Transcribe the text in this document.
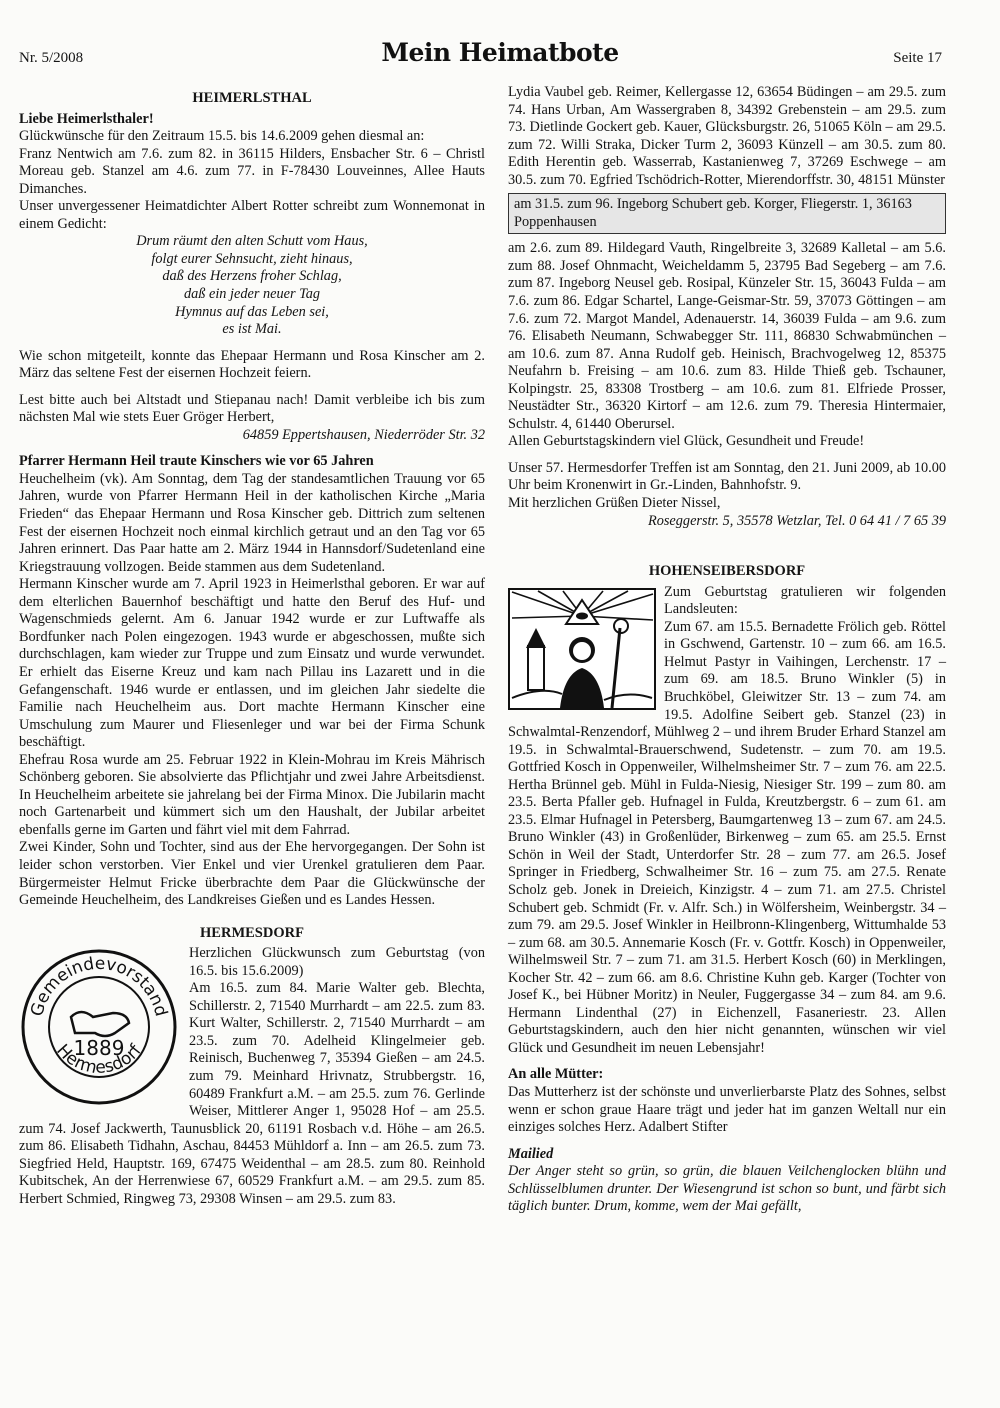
Nr. 5/2008	Mein Heimatbote	Seite 17
HEIMERLSTHAL

Liebe Heimerlsthaler!

Glückwünsche für den Zeitraum 15.5. bis 14.6.2009 gehen diesmal an:

Franz Nentwich am 7.6. zum 82. in 36115 Hilders, Ensbacher Str. 6 – Christl Moreau geb. Stanzel am 4.6. zum 77. in F-78430 Louveinnes, Allee Hauts Dimanches.

Unser unvergessener Heimatdichter Albert Rotter schreibt zum Wonnemonat in einem Gedicht:

Drum räumt den alten Schutt vom Haus,

folgt eurer Sehnsucht, zieht hinaus,

daß des Herzens froher Schlag,

daß ein jeder neuer Tag

Hymnus auf das Leben sei,

es ist Mai.

Wie schon mitgeteilt, konnte das Ehepaar Hermann und Rosa Kinscher am 2. März das seltene Fest der eisernen Hochzeit feiern.

Lest bitte auch bei Altstadt und Stiepanau nach! Damit verbleibe ich bis zum nächsten Mal wie stets Euer Gröger Herbert,

64859 Eppertshausen, Niederröder Str. 32

Pfarrer Hermann Heil traute Kinschers wie vor 65 Jahren

Heuchelheim (vk). Am Sonntag, dem Tag der standesamtlichen Trauung vor 65 Jahren, wurde von Pfarrer Hermann Heil in der katholischen Kirche „Maria Frieden“ das Ehepaar Hermann und Rosa Kinscher geb. Dittrich zum seltenen Fest der eisernen Hochzeit noch einmal kirchlich getraut und an den Tag vor 65 Jahren erinnert. Das Paar hatte am 2. März 1944 in Hannsdorf/Sudetenland eine Kriegstrauung vollzogen. Beide stammen aus dem Sudetenland.

Hermann Kinscher wurde am 7. April 1923 in Heimerlsthal geboren. Er war auf dem elterlichen Bauernhof beschäftigt und hatte den Beruf des Huf- und Wagenschmieds gelernt. Am 6. Januar 1942 wurde er zur Luftwaffe als Bordfunker nach Polen eingezogen. 1943 wurde er abgeschossen, mußte sich durchschlagen, kam wieder zur Truppe und zum Einsatz und wurde verwundet. Er erhielt das Eiserne Kreuz und kam nach Pillau ins Lazarett und in die Gefangenschaft. 1946 wurde er entlassen, und im gleichen Jahr siedelte die Familie nach Heuchelheim aus. Dort machte Hermann Kinscher eine Umschulung zum Maurer und Fliesenleger und war bei der Firma Schunk beschäftigt.

Ehefrau Rosa wurde am 25. Februar 1922 in Klein-Mohrau im Kreis Mährisch Schönberg geboren. Sie absolvierte das Pflichtjahr und zwei Jahre Arbeitsdienst. In Heuchelheim arbeitete sie jahrelang bei der Firma Minox. Die Jubilarin macht noch Gartenarbeit und kümmert sich um den Haushalt, der Jubilar arbeitet ebenfalls gerne im Garten und fährt viel mit dem Fahrrad.

Zwei Kinder, Sohn und Tochter, sind aus der Ehe hervorgegangen. Der Sohn ist leider schon verstorben. Vier Enkel und vier Urenkel gratulieren dem Paar. Bürgermeister Helmut Fricke überbrachte dem Paar die Glückwünsche der Gemeinde Heuchelheim, des Landkreises Gießen und es Landes Hessen.

HERMESDORF
Gemeindevorstand
Hermesdorf
1889

Herzlichen Glückwunsch zum Geburtstag (von 16.5. bis 15.6.2009)

Am 16.5. zum 84. Marie Walter geb. Blechta, Schillerstr. 2, 71540 Murrhardt – am 22.5. zum 83. Kurt Walter, Schillerstr. 2, 71540 Murrhardt – am 23.5. zum 70. Adelheid Klingelmeier geb. Reinisch, Buchenweg 7, 35394 Gießen – am 24.5. zum 79. Meinhard Hrivnatz, Strubbergstr. 16, 60489 Frankfurt a.M. – am 25.5. zum 76. Gerlinde Weiser, Mittlerer Anger 1, 95028 Hof – am 25.5. zum 74. Josef Jackwerth, Taunusblick 20, 61191 Rosbach v.d. Höhe – am 26.5. zum 86. Elisabeth Tidhahn, Aschau, 84453 Mühldorf a. Inn – am 26.5. zum 73. Siegfried Held, Hauptstr. 169, 67475 Weidenthal – am 28.5. zum 80. Reinhold Kubitschek, An der Herrenwiese 67, 60529 Frankfurt a.M. – am 29.5. zum 85. Herbert Schmied, Ringweg 73, 29308 Winsen – am 29.5. zum 83.

Lydia Vaubel geb. Reimer, Kellergasse 12, 63654 Büdingen – am 29.5. zum 74. Hans Urban, Am Wassergraben 8, 34392 Grebenstein – am 29.5. zum 73. Dietlinde Gockert geb. Kauer, Glücksburgstr. 26, 51065 Köln – am 29.5. zum 72. Willi Straka, Dicker Turm 2, 36093 Künzell – am 30.5. zum 80. Edith Herentin geb. Wasserrab, Kastanienweg 7, 37269 Eschwege – am 30.5. zum 70. Egfried Tschödrich-Rotter, Mierendorffstr. 30, 48151 Münster

am 31.5. zum 96. Ingeborg Schubert geb. Korger, Fliegerstr. 1, 36163 Poppenhausen

am 2.6. zum 89. Hildegard Vauth, Ringelbreite 3, 32689 Kalletal – am 5.6. zum 88. Josef Ohnmacht, Weicheldamm 5, 23795 Bad Segeberg – am 7.6. zum 87. Ingeborg Neusel geb. Rosipal, Künzeler Str. 15, 36043 Fulda – am 7.6. zum 86. Edgar Schartel, Lange-Geismar-Str. 59, 37073 Göttingen – am 7.6. zum 72. Margot Mandel, Adenauerstr. 14, 36039 Fulda – am 9.6. zum 76. Elisabeth Neumann, Schwabegger Str. 111, 86830 Schwabmünchen – am 10.6. zum 87. Anna Rudolf geb. Heinisch, Brachvogelweg 12, 85375 Neufahrn b. Freising – am 10.6. zum 83. Hilde Thieß geb. Tschauner, Kolpingstr. 25, 83308 Trostberg – am 10.6. zum 81. Elfriede Prosser, Neustädter Str., 36320 Kirtorf – am 12.6. zum 79. Theresia Hintermaier, Schulstr. 4, 61440 Oberursel.

Allen Geburtstagskindern viel Glück, Gesundheit und Freude!

Unser 57. Hermesdorfer Treffen ist am Sonntag, den 21. Juni 2009, ab 10.00 Uhr beim Kronenwirt in Gr.-Linden, Bahnhofstr. 9.

Mit herzlichen Grüßen Dieter Nissel,

Roseggerstr. 5, 35578 Wetzlar, Tel. 0 64 41 / 7 65 39

HOHENSEIBERSDORF

Zum Geburtstag gratulieren wir folgenden Landsleuten:

Zum 67. am 15.5. Bernadette Frölich geb. Röttel in Gschwend, Gartenstr. 10 – zum 66. am 16.5. Helmut Pastyr in Vaihingen, Lerchenstr. 17 – zum 69. am 18.5. Bruno Winkler (5) in Bruchköbel, Gleiwitzer Str. 13 – zum 74. am 19.5. Adolfine Seibert geb. Stanzel (23) in Schwalmtal-Renzendorf, Mühlweg 2 – und ihrem Bruder Erhard Stanzel am 19.5. in Schwalmtal-Brauerschwend, Sudetenstr. – zum 70. am 19.5. Gottfried Kosch in Oppenweiler, Wilhelmsheimer Str. 7 – zum 76. am 22.5. Hertha Brünnel geb. Mühl in Fulda-Niesig, Niesiger Str. 199 – zum 80. am 23.5. Berta Pfaller geb. Hufnagel in Fulda, Kreutzbergstr. 6 – zum 61. am 23.5. Elmar Hufnagel in Petersberg, Baumgartenweg 13 – zum 67. am 24.5. Bruno Winkler (43) in Großenlüder, Birkenweg – zum 65. am 25.5. Ernst Schön in Weil der Stadt, Unterdorfer Str. 28 – zum 77. am 26.5. Josef Springer in Friedberg, Schwalheimer Str. 16 – zum 75. am 27.5. Renate Scholz geb. Jonek in Dreieich, Kinzigstr. 4 – zum 71. am 27.5. Christel Schubert geb. Schmidt (Fr. v. Alfr. Sch.) in Wölfersheim, Weinbergstr. 34 – zum 79. am 29.5. Josef Winkler in Heilbronn-Klingenberg, Wittumhalde 53 – zum 68. am 30.5. Annemarie Kosch (Fr. v. Gottfr. Kosch) in Oppenweiler, Wilhelmsweil Str. 7 – zum 71. am 31.5. Herbert Kosch (60) in Merklingen, Kocher Str. 42 – zum 66. am 8.6. Christine Kuhn geb. Karger (Tochter von Josef K., bei Hübner Moritz) in Neuler, Fuggergasse 34 – zum 84. am 9.6. Hermann Lindenthal (27) in Eichenzell, Fasaneriestr. 23. Allen Geburtstagskindern, auch den hier nicht genannten, wünschen wir viel Glück und Gesundheit im neuen Lebensjahr!

An alle Mütter:

Das Mutterherz ist der schönste und unverlierbarste Platz des Sohnes, selbst wenn er schon graue Haare trägt und jeder hat im ganzen Weltall nur ein einziges solches Herz. Adalbert Stifter

Mailied

Der Anger steht so grün, so grün, die blauen Veilchenglocken blühn und Schlüsselblumen drunter. Der Wiesengrund ist schon so bunt, und färbt sich täglich bunter. Drum, komme, wem der Mai gefällt,
